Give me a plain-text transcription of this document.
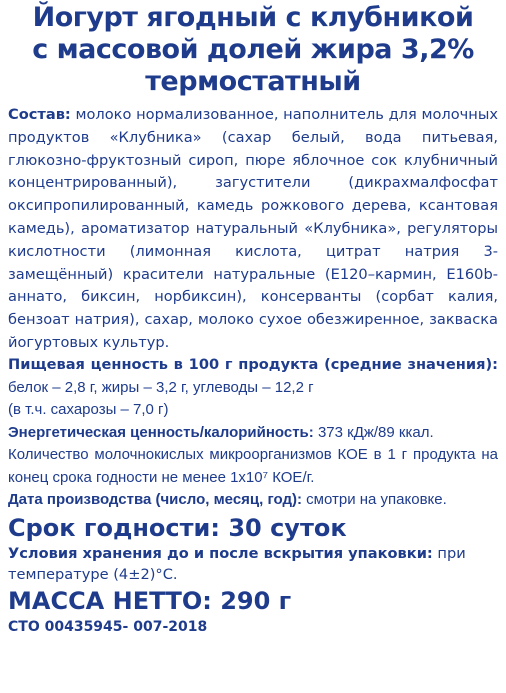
Йогурт ягодный с клубникой
с массовой долей жира 3,2%
термостатный
Состав: молоко нормализованное, наполнитель для молочных продуктов «Клубника» (сахар белый, вода питьевая, глюкозно-фруктозный сироп, пюре яблочное сок клубничный концентрированный), загустители (дикрахмалфосфат оксипропилированный, камедь рожкового дерева, ксантовая камедь), ароматизатор натуральный «Клубника», регуляторы кислотности (лимонная кислота, цитрат натрия 3-замещённый) красители натуральные (Е120–кармин, Е160b-аннато, биксин, норбиксин), консерванты (сорбат калия, бензоат натрия), сахар, молоко сухое обезжиренное, закваска йогуртовых культур.
Пищевая ценность в 100 г продукта (средние значения): белок – 2,8 г, жиры – 3,2 г, углеводы – 12,2 г
(в т.ч. сахарозы – 7,0 г)
Энергетическая ценность/калорийность: 373 кДж/89 ккал.
Количество молочнокислых микроорганизмов КОЕ в 1 г продукта на конец срока годности не менее 1х10⁷ КОЕ/г.
Дата производства (число, месяц, год): смотри на упаковке.
Срок годности: 30 суток
Условия хранения до и после вскрытия упаковки: при температуре (4±2)°С.
МАССА НЕТТО: 290 г
СТО 00435945- 007-2018
